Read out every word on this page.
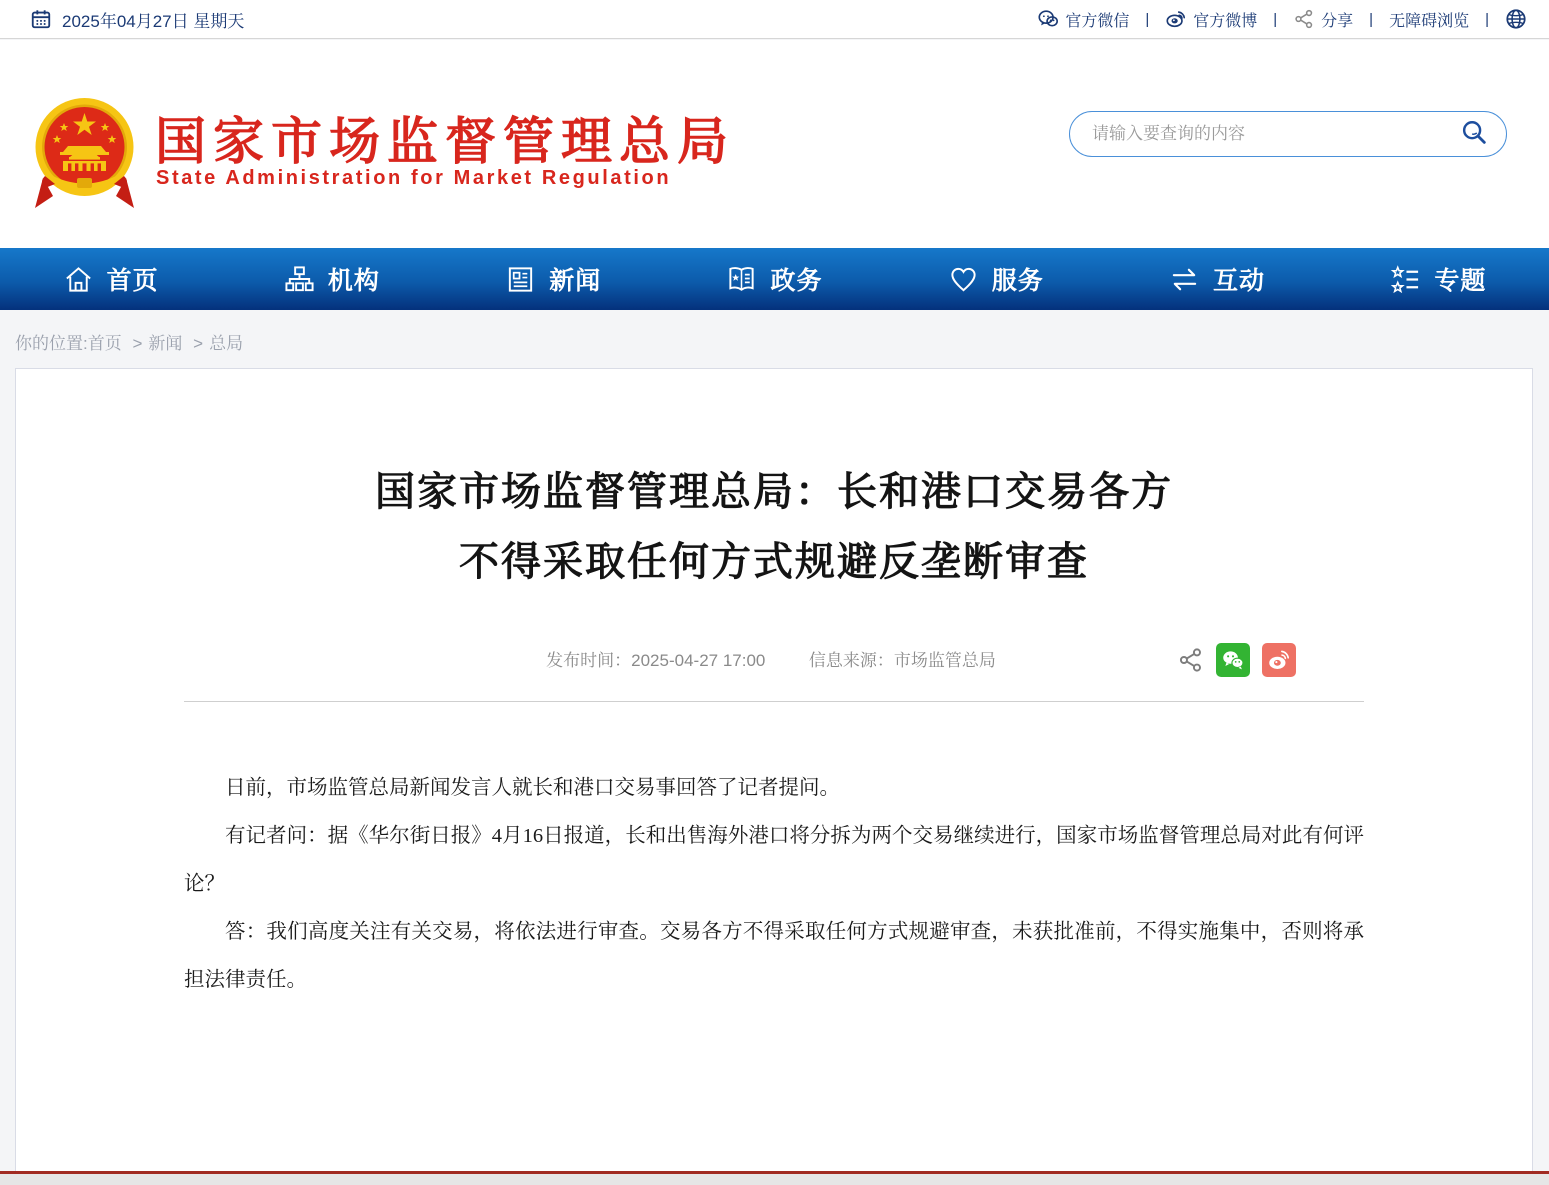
2025年04月27日 星期天	官方微信 |	官方微博 |	分享 | 无障碍浏览 |
国家市场监督管理总局
State Administration for Market Regulation
请输入要查询的内容
首页	机构	新闻	政务	服务	互动	专题
你的位置:首页 > 新闻 > 总局
国家市场监督管理总局：长和港口交易各方
不得采取任何方式规避反垄断审查
发布时间：2025-04-27 17:00	信息来源：市场监管总局

日前，市场监管总局新闻发言人就长和港口交易事回答了记者提问。

有记者问：据《华尔街日报》4月16日报道，长和出售海外港口将分拆为两个交易继续进行，国家市场监督管理总局对此有何评论？

答：我们高度关注有关交易，将依法进行审查。交易各方不得采取任何方式规避审查，未获批准前，不得实施集中，否则将承担法律责任。
